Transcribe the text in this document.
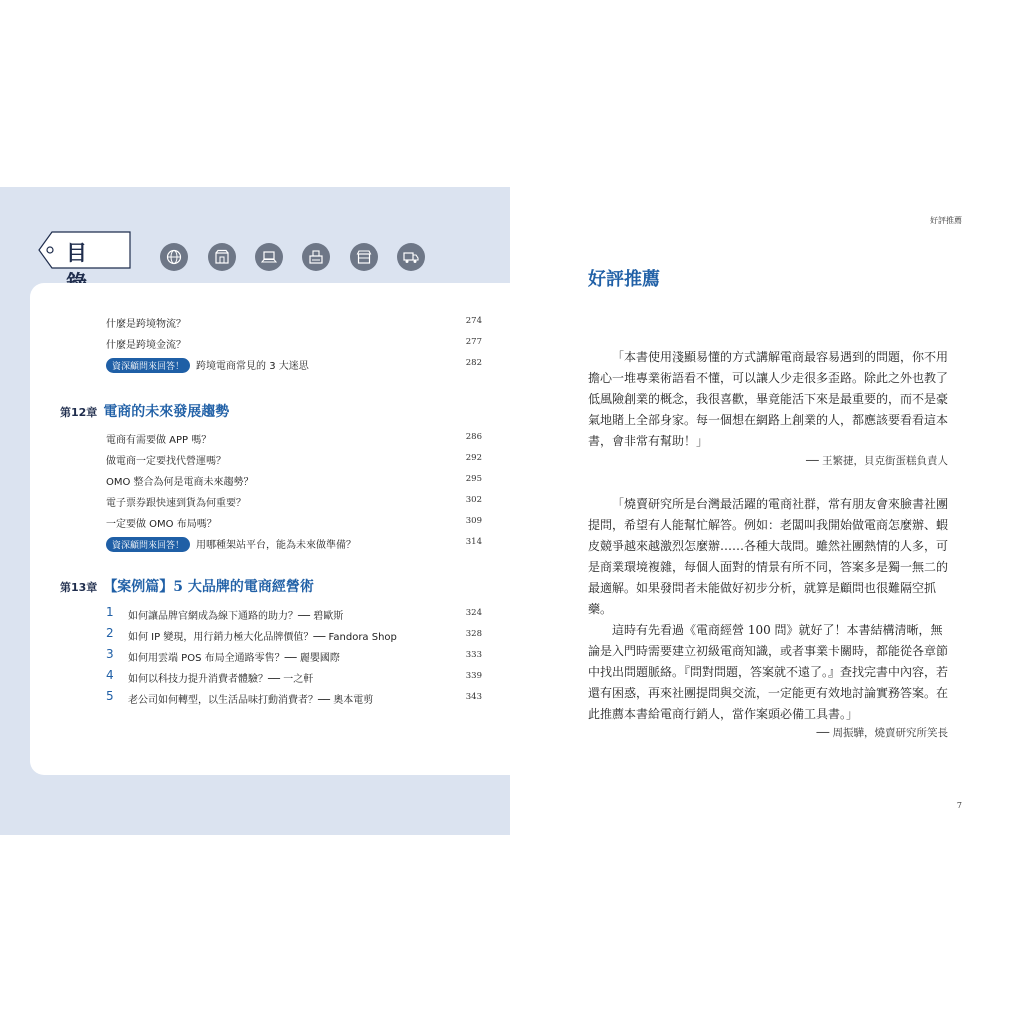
目
什麼是跨境物流？	274
什麼是跨境金流？	277
資深顧問來回答！ 跨境電商常見的 3 大迷思	282
第12章 電商的未來發展趨勢
電商有需要做 APP 嗎？	286
做電商一定要找代營運嗎？	292
OMO 整合為何是電商未來趨勢？	295
電子票券跟快速到貨為何重要？	302
一定要做 OMO 布局嗎？	309
資深顧問來回答！ 用哪種架站平台，能為未來做準備？	314
第13章 【案例篇】5 大品牌的電商經營術
1 如何讓品牌官網成為線下通路的助力？── 碧歐斯	324
2 如何 IP 變現，用行銷力極大化品牌價值？── Fandora Shop	328
3 如何用雲端 POS 布局全通路零售？── 麗嬰國際	333
4 如何以科技力提升消費者體驗？── 一之軒	339
5 老公司如何轉型，以生活品味打動消費者？── 奧本電剪	343
好評推薦
好評推薦
「本書使用淺顯易懂的方式講解電商最容易遇到的問題，你不用擔心一堆專業術語看不懂，可以讓人少走很多歪路。除此之外也教了低風險創業的概念，我很喜歡，畢竟能活下來是最重要的，而不是豪氣地賭上全部身家。每一個想在網路上創業的人，都應該要看看這本書，會非常有幫助！」
── 王繁捷，貝克街蛋糕負責人
「燒賣研究所是台灣最活躍的電商社群，常有朋友會來臉書社團提問，希望有人能幫忙解答。例如：老闆叫我開始做電商怎麼辦、蝦皮競爭越來越激烈怎麼辦……各種大哉問。雖然社團熱情的人多，可是商業環境複雜，每個人面對的情景有所不同，答案多是獨一無二的最適解。如果發問者未能做好初步分析，就算是顧問也很難隔空抓藥。
這時有先看過《電商經營 100 問》就好了！本書結構清晰，無論是入門時需要建立初級電商知識，或者事業卡關時，都能從各章節中找出問題脈絡。『問對問題，答案就不遠了。』查找完書中內容，若還有困惑，再來社團提問與交流，一定能更有效地討論實務答案。在此推薦本書給電商行銷人，當作案頭必備工具書。」
── 周振驊，燒賣研究所笑長
7
